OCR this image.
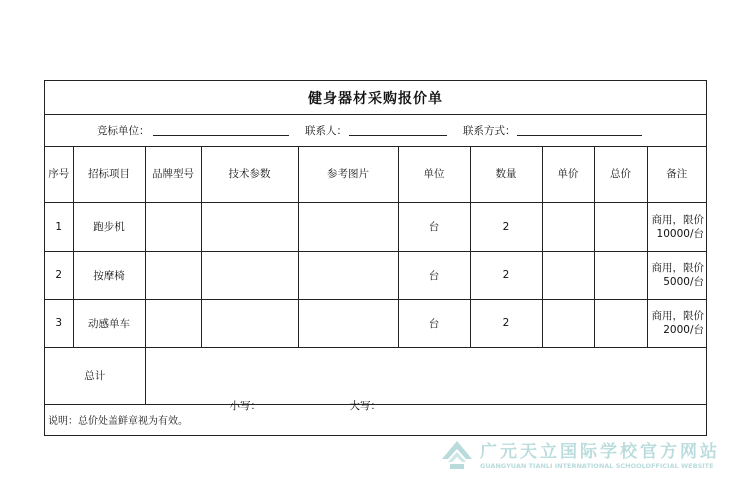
健身器材采购报价单
竞标单位：	联系人：	联系方式：
序号	招标项目	品牌型号	技术参数	参考图片	单位	数量	单价	总价	备注
1	跑步机				台	2			商用，限价
10000/台

2	按摩椅				台	2			商用，限价
5000/台

3	动感单车				台	2			商用，限价
2000/台

总计		小写： 大写：							
说明：总价处盖鲜章视为有效。
广元天立国际学校官方网站
GUANGYUAN TIANLI INTERNATIONAL SCHOOLOFFICIAL WEBSITE
